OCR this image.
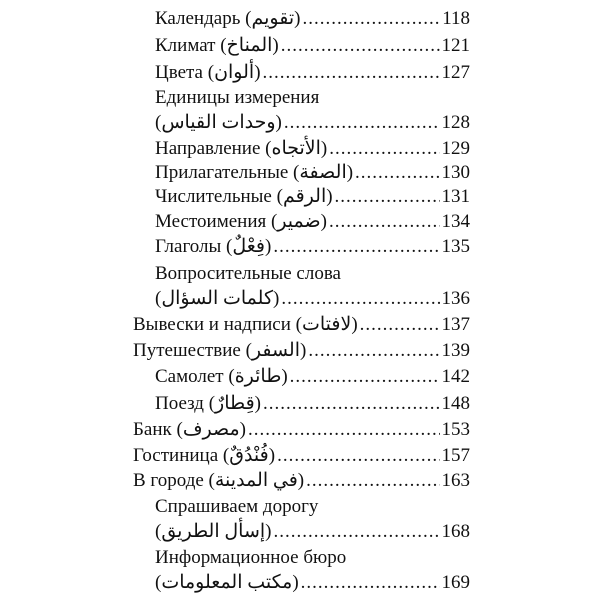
Календарь (تقويم) .....	118
Климат (المناخ) .....	121
Цвета (ألوان) .....	127
Единицы измерения
(وحدات القياس) .....	128
Направление (الأتجاه) .....	129
Прилагательные (الصفة) .....	130
Числительные (الرقم) .....	131
Местоимения (ضمير) .....	134
Глаголы (فِعْلٌ) .....	135
Вопросительные слова
(كلمات السؤال) .....	136
Вывески и надписи (لافتات) .....	137
Путешествие (السفر) .....	139
Самолет (طائرة) .....	142
Поезд (قِطارٌ) .....	148
Банк (مصرف) .....	153
Гостиница (فُنْدُقٌ) .....	157
В городе (في المدينة) .....	163
Спрашиваем дорогу
(إسأل الطريق) .....	168
Информационное бюро
(مكتب المعلومات) .....	169
